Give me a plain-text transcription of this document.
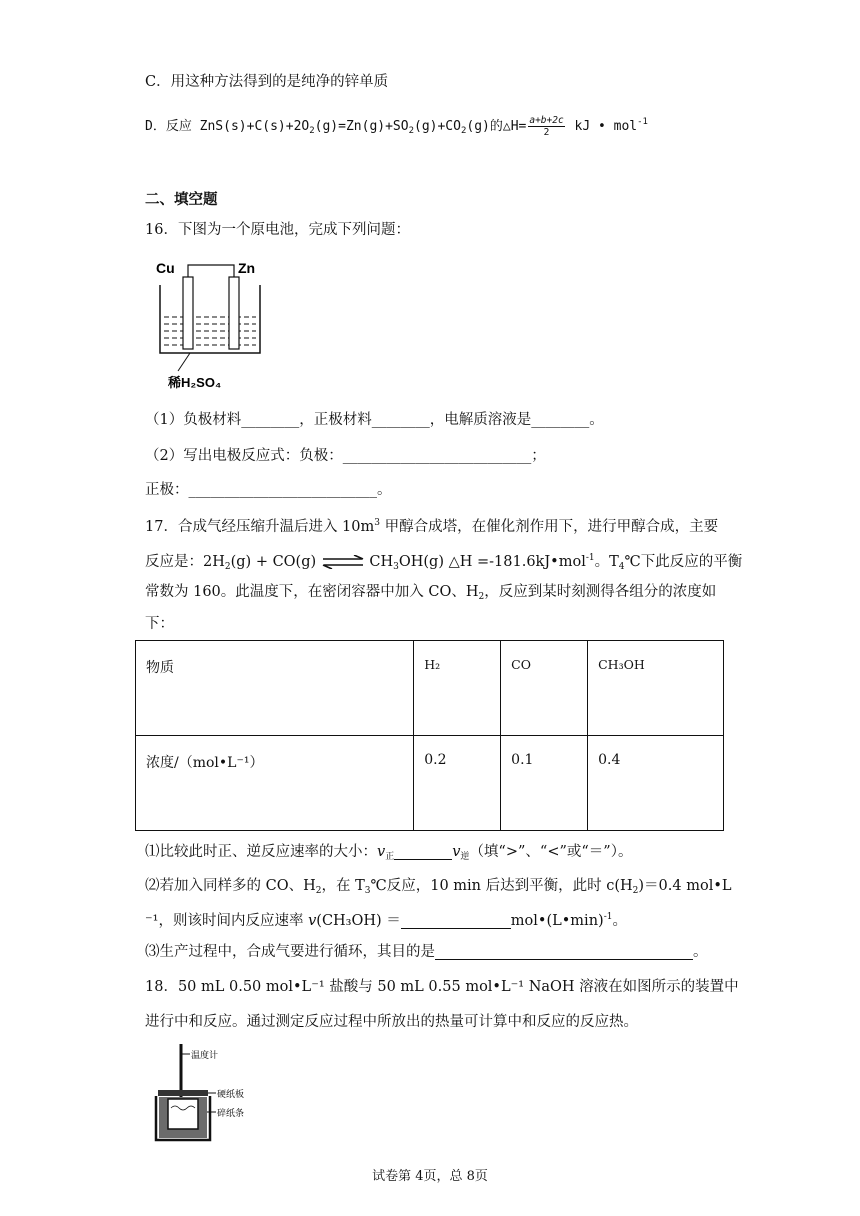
C．用这种方法得到的是纯净的锌单质
D．反应 $ZnS(s)+C(s)+2O_2(g)=Zn(g)+SO_2(g)+CO_2(g)$的△H= $\frac{a+b+2c}{2}$ kJ • mol$^{-1}$
二、填空题
16．下图为一个原电池，完成下列问题：
Cu	Zn
稀H₂SO₄
（1）负极材料________，正极材料________，电解质溶液是________。
（2）写出电极反应式：负极：__________________________；
正极：__________________________。
17．合成气经压缩升温后进入 $10m^3$ 甲醇合成塔，在催化剂作用下，进行甲醇合成，主要
反应是：$2H_2(g) + CO(g)$ ⇌ $CH_3OH(g)$ △H =-181.6kJ•mol$^{-1}$。$T_4℃$下此反应的平衡
常数为 160。此温度下，在密闭容器中加入 CO、$H_2$，反应到某时刻测得各组分的浓度如
下：
物质	H₂	CO	CH₃OH
浓度/（mol•L⁻¹）	0.2	0.1	0.4
⑴比较此时正、逆反应速率的大小：$v_正$	$v_逆$（填“>”、“<”或“＝”）。
⑵若加入同样多的 CO、$H_2$，在 $T_3℃$反应，10 min 后达到平衡，此时 $c(H_2)=0.4$ mol•L
⁻¹，则该时间内反应速率 v(CH₃OH) ＝	mol•(L•min)$^{-1}$。
⑶生产过程中，合成气要进行循环，其目的是	。
18．50 mL 0.50 mol•L⁻¹ 盐酸与 50 mL 0.55 mol•L⁻¹ NaOH 溶液在如图所示的装置中
进行中和反应。通过测定反应过程中所放出的热量可计算中和反应的反应热。
温度计
硬纸板
碎纸条
试卷第 4页，总 8页
